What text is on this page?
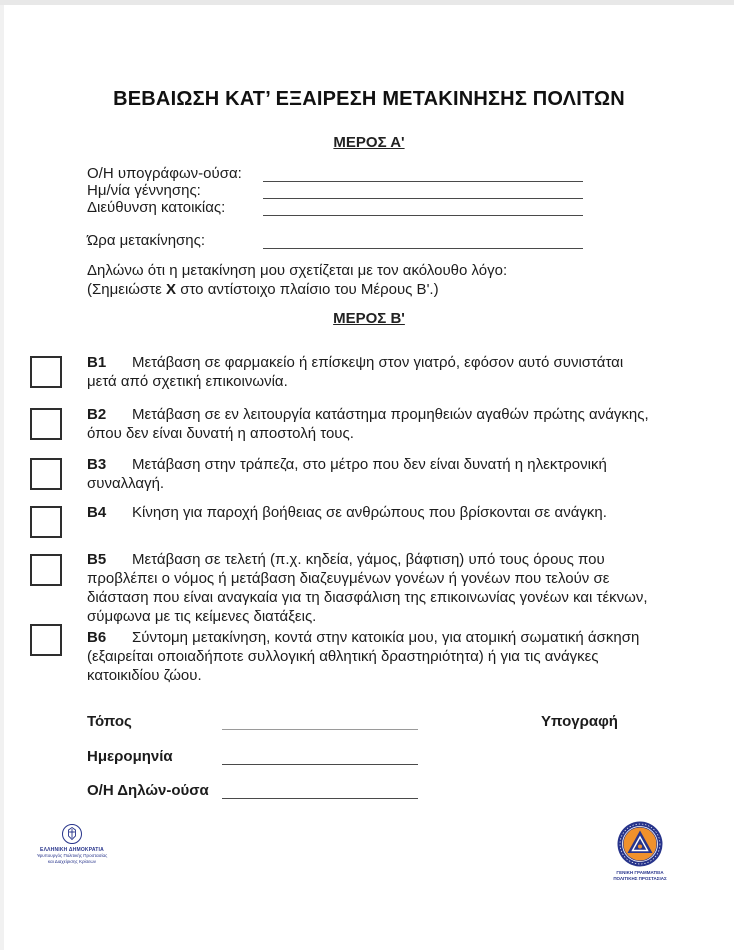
ΒΕΒΑΙΩΣΗ ΚΑΤ’ ΕΞΑΙΡΕΣΗ ΜΕΤΑΚΙΝΗΣΗΣ ΠΟΛΙΤΩΝ
ΜΕΡΟΣ Α'
Ο/Η υπογράφων-ούσα:
Ημ/νία γέννησης:
Διεύθυνση κατοικίας:
Ώρα μετακίνησης:
Δηλώνω ότι η μετακίνηση μου σχετίζεται με τον ακόλουθο λόγο:
(Σημειώστε X στο αντίστοιχο πλαίσιο του Μέρους Β'.)
ΜΕΡΟΣ Β'
Β1 Μετάβαση σε φαρμακείο ή επίσκεψη στον γιατρό, εφόσον αυτό συνιστάται μετά από σχετική επικοινωνία.
Β2 Μετάβαση σε εν λειτουργία κατάστημα προμηθειών αγαθών πρώτης ανάγκης, όπου δεν είναι δυνατή η αποστολή τους.
Β3 Μετάβαση στην τράπεζα, στο μέτρο που δεν είναι δυνατή η ηλεκτρονική συναλλαγή.
Β4 Κίνηση για παροχή βοήθειας σε ανθρώπους που βρίσκονται σε ανάγκη.
Β5 Μετάβαση σε τελετή (π.χ. κηδεία, γάμος, βάφτιση) υπό τους όρους που προβλέπει ο νόμος ή μετάβαση διαζευγμένων γονέων ή γονέων που τελούν σε διάσταση που είναι αναγκαία για τη διασφάλιση της επικοινωνίας γονέων και τέκνων, σύμφωνα με τις κείμενες διατάξεις.
Β6 Σύντομη μετακίνηση, κοντά στην κατοικία μου, για ατομική σωματική άσκηση (εξαιρείται οποιαδήποτε συλλογική αθλητική δραστηριότητα) ή για τις ανάγκες κατοικιδίου ζώου.
Τόπος
Ημερομηνία
Ο/Η Δηλών-ούσα
Υπογραφή
ΕΛΛΗΝΙΚΗ ΔΗΜΟΚΡΑΤΙΑ
Υφυπουργός Πολιτικής Προστασίας
και Διαχείρισης Κρίσεων
ΓΕΝΙΚΗ ΓΡΑΜΜΑΤΕΙΑ
ΠΟΛΙΤΙΚΗΣ ΠΡΟΣΤΑΣΙΑΣ
